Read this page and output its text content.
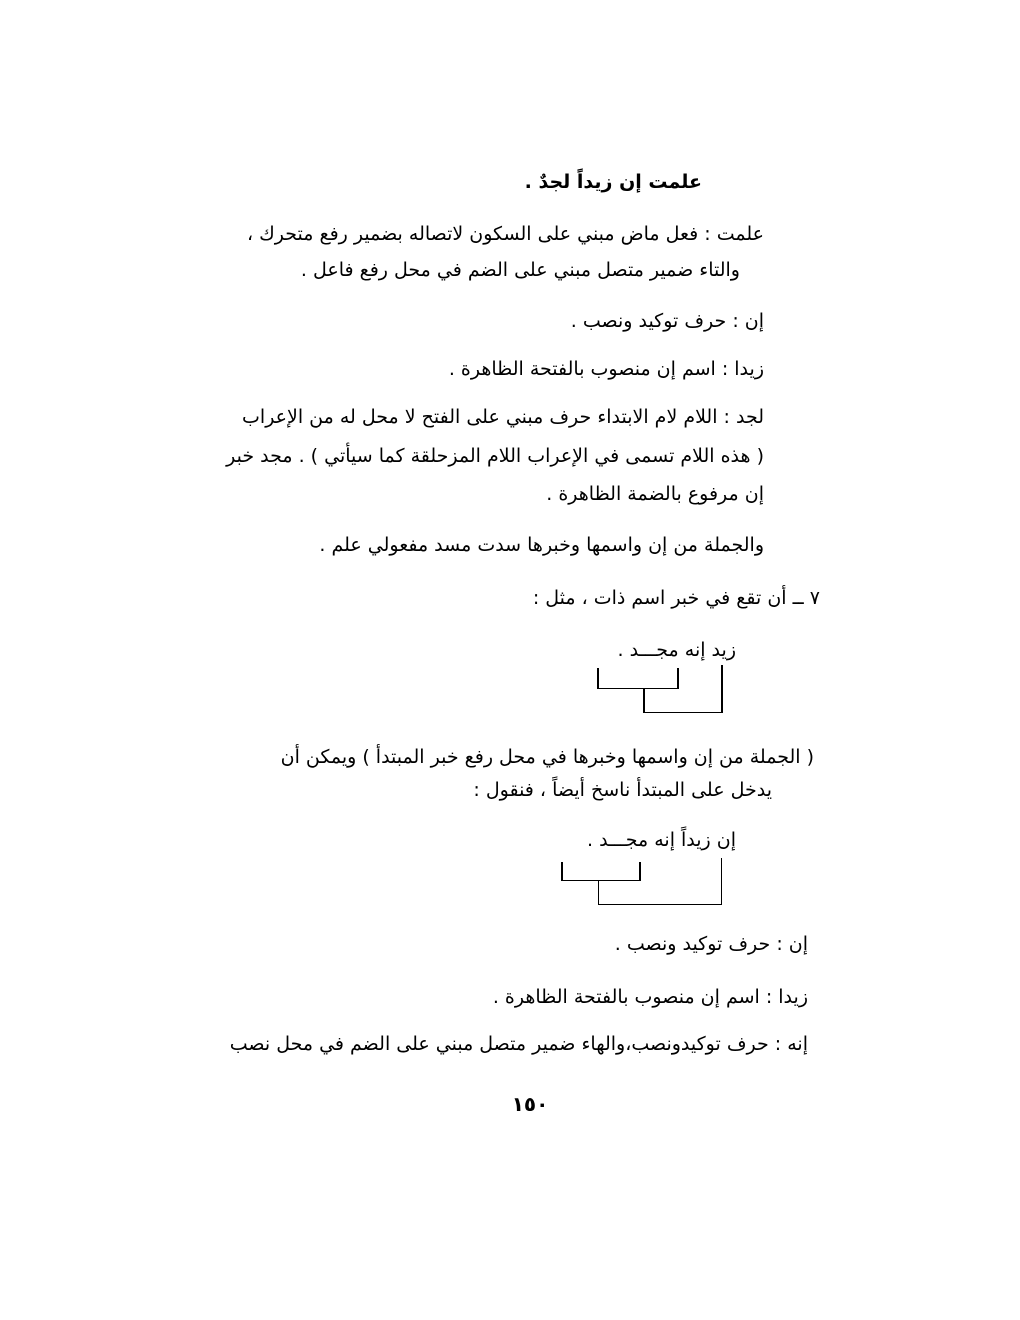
علمت إن زيداً لجدٌ .
علمت : فعل ماض مبني على السكون لاتصاله بضمير رفع متحرك ،
والتاء ضمير متصل مبني على الضم في محل رفع فاعل .
إن : حرف توكيد ونصب .
زيدا : اسم إن منصوب بالفتحة الظاهرة .
لجد : اللام لام الابتداء حرف مبني على الفتح لا محل له من الإعراب
( هذه اللام تسمى في الإعراب اللام المزحلقة كما سيأتي ) . مجد خبر
إن مرفوع بالضمة الظاهرة .
والجملة من إن واسمها وخبرها سدت مسد مفعولي علم .
٧ ــ أن تقع في خبر اسم ذات ، مثل :
زيد إنه مجـــد .
( الجملة من إن واسمها وخبرها في محل رفع خبر المبتدأ ) ويمكن أن
يدخل على المبتدأ ناسخ أيضاً ، فنقول :
إن زيداً إنه مجـــد .
إن : حرف توكيد ونصب .
زيدا : اسم إن منصوب بالفتحة الظاهرة .
إنه : حرف توكيدونصب،والهاء ضمير متصل مبني على الضم في محل نصب
١٥٠
